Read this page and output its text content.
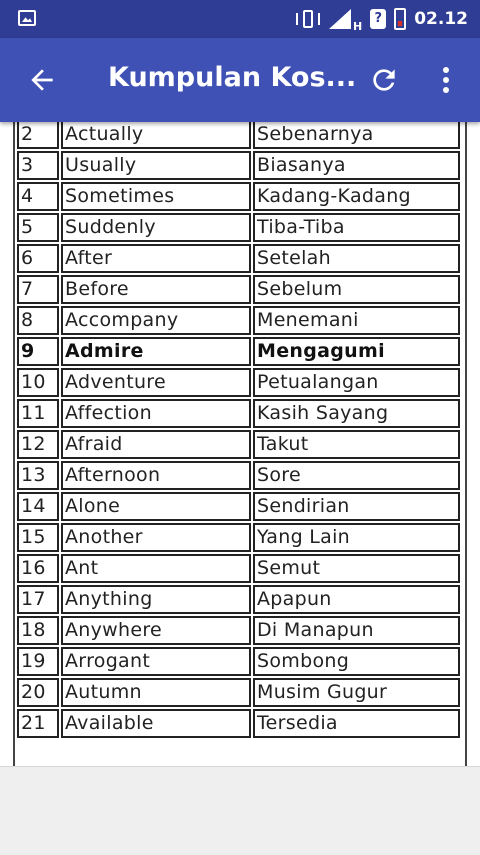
H ? 02.12
Kumpulan Kos...
2	Actually	Sebenarnya
3	Usually	Biasanya
4	Sometimes	Kadang-Kadang
5	Suddenly	Tiba-Tiba
6	After	Setelah
7	Before	Sebelum
8	Accompany	Menemani
9	Admire	Mengagumi
10	Adventure	Petualangan
11	Affection	Kasih Sayang
12	Afraid	Takut
13	Afternoon	Sore
14	Alone	Sendirian
15	Another	Yang Lain
16	Ant	Semut
17	Anything	Apapun
18	Anywhere	Di Manapun
19	Arrogant	Sombong
20	Autumn	Musim Gugur
21	Available	Tersedia
